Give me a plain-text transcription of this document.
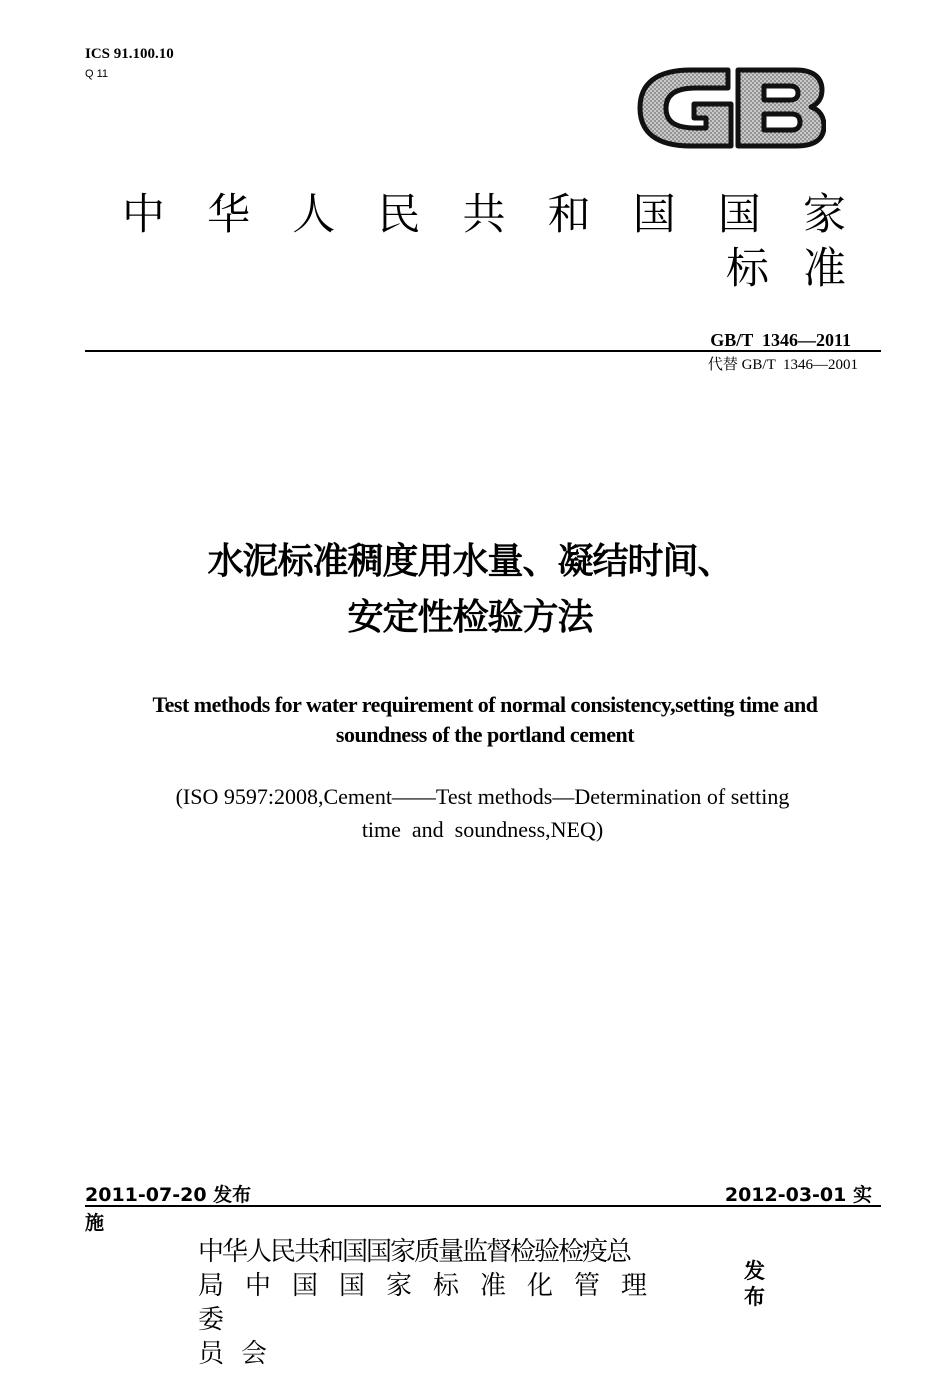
ICS 91.100.10
Q 11
中华人民共和国国家标准
GB/T  1346—2011
代替 GB/T  1346—2001
水泥标准稠度用水量、凝结时间、
安定性检验方法
Test methods for water requirement of normal consistency,setting time and
soundness of the portland cement
(ISO 9597:2008,Cement——Test methods—Determination of setting
time  and  soundness,NEQ)
2011-07-20 发布	2012-03-01 实
施
中华人民共和国国家质量监督检验检疫总
局中国国家标准化管理委
员会
发布
